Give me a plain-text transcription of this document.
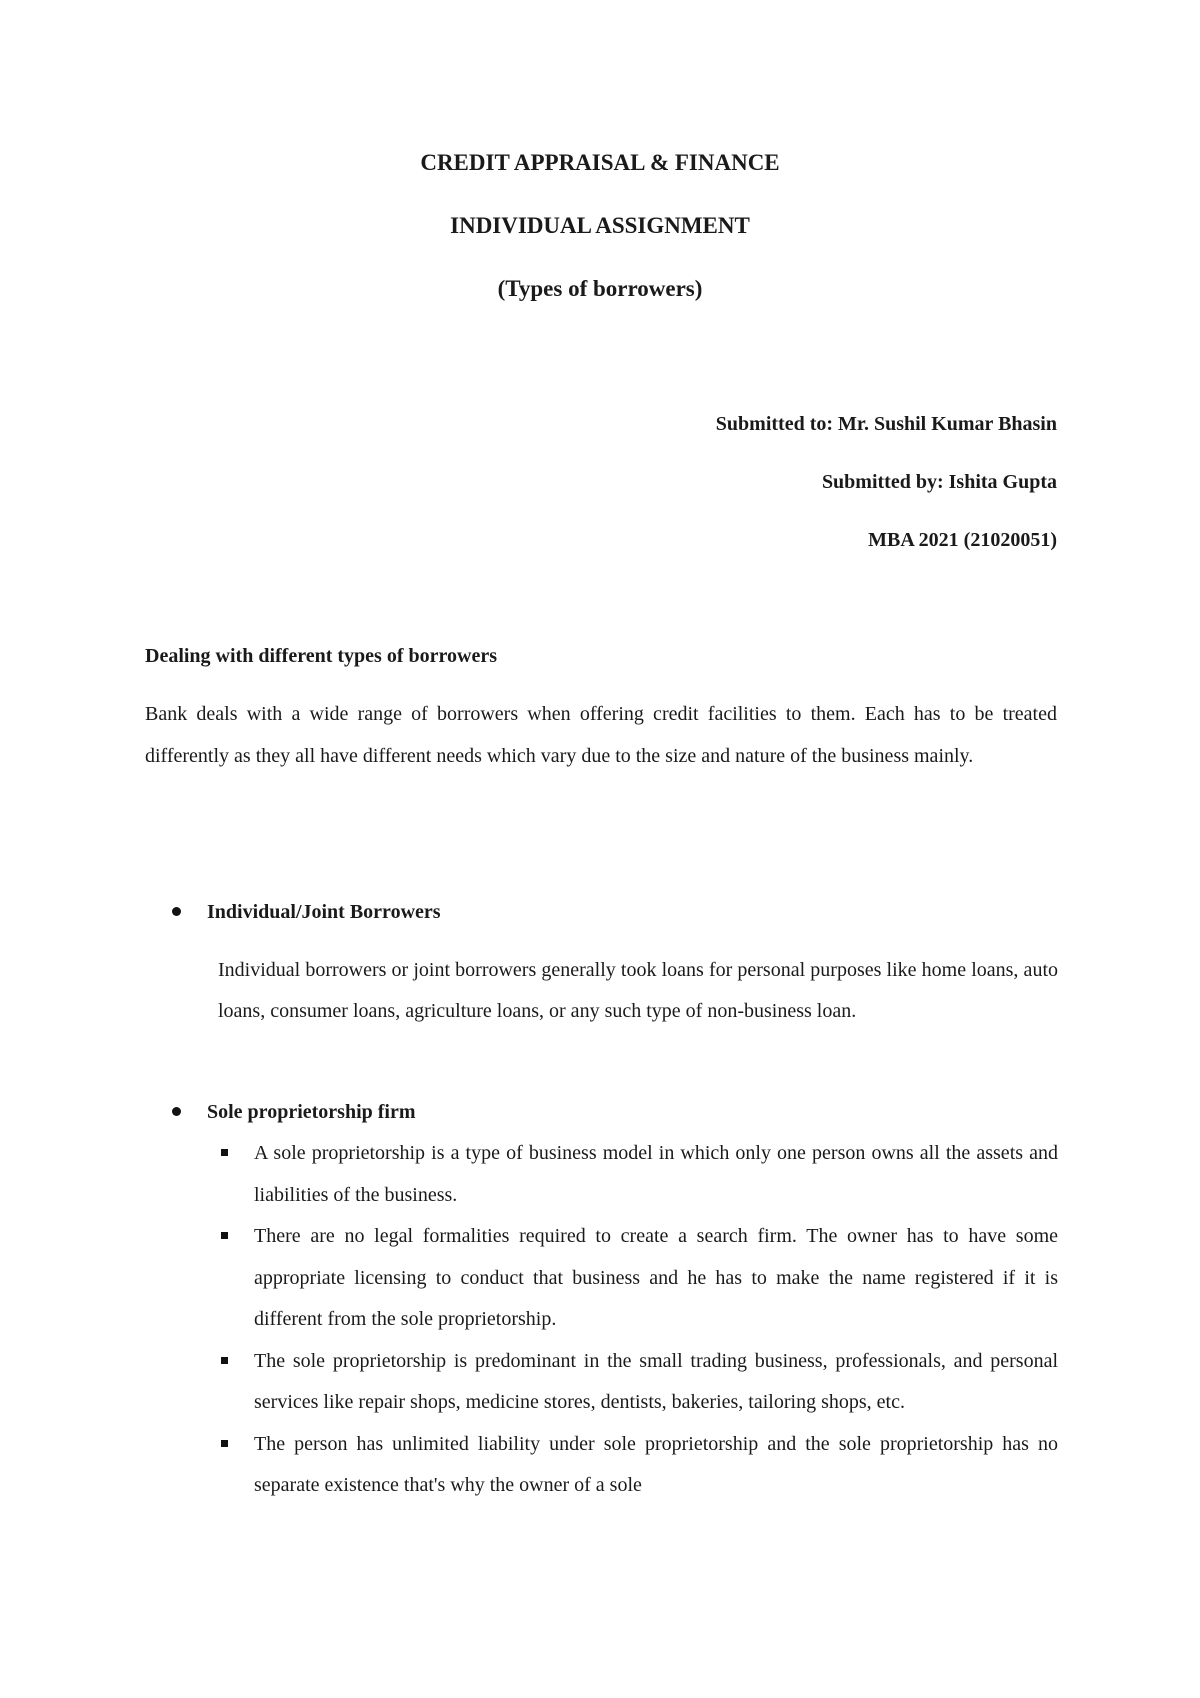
CREDIT APPRAISAL & FINANCE
INDIVIDUAL ASSIGNMENT
(Types of borrowers)
Submitted to: Mr. Sushil Kumar Bhasin
Submitted by: Ishita Gupta
MBA 2021 (21020051)
Dealing with different types of borrowers
Bank deals with a wide range of borrowers when offering credit facilities to them. Each has to be treated differently as they all have different needs which vary due to the size and nature of the business mainly.
Individual/Joint Borrowers
Individual borrowers or joint borrowers generally took loans for personal purposes like home loans, auto loans, consumer loans, agriculture loans, or any such type of non-business loan.
Sole proprietorship firm
A sole proprietorship is a type of business model in which only one person owns all the assets and liabilities of the business.
There are no legal formalities required to create a search firm. The owner has to have some appropriate licensing to conduct that business and he has to make the name registered if it is different from the sole proprietorship.
The sole proprietorship is predominant in the small trading business, professionals, and personal services like repair shops, medicine stores, dentists, bakeries, tailoring shops, etc.
The person has unlimited liability under sole proprietorship and the sole proprietorship has no separate existence that's why the owner of a sole
